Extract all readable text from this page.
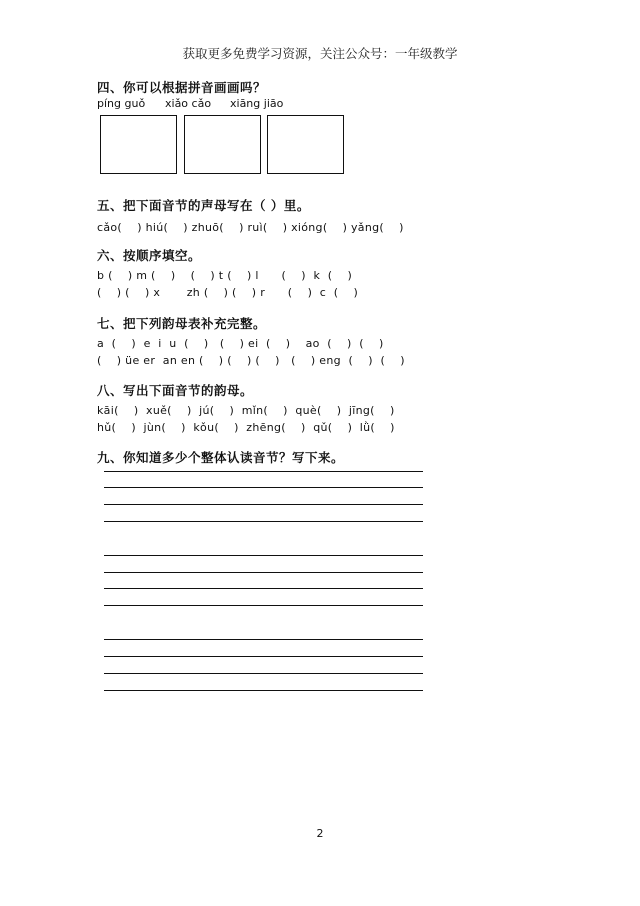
获取更多免费学习资源，关注公众号：一年级教学
四、你可以根据拼音画画吗？
píng guǒ xiǎo cǎo xiāng jiāo
五、把下面音节的声母写在（ ）里。
cǎo(    ) hiú(    ) zhuō(    ) ruì(    ) xióng(    ) yǎng(    )
六、按顺序填空。
b (    ) m (    )    (    ) t (    ) l      (    )  k  (    )
(    ) (    ) x       zh (    ) (    ) r      (    )  c  (    )
七、把下列韵母表补充完整。
a  (    )  e  i  u  (    )   (    ) ei  (    )    ao  (    )  (    )
(    ) üe er  an en (    ) (    ) (    )   (    ) eng  (    )  (    )
八、写出下面音节的韵母。
kāi(    )  xuě(    )  jú(    )  mǐn(    )  què(    )  jīng(    )
hǔ(    )  jùn(    )  kǒu(    )  zhēng(    )  qǔ(    )  lǜ(    )
九、你知道多少个整体认读音节？写下来。
2
